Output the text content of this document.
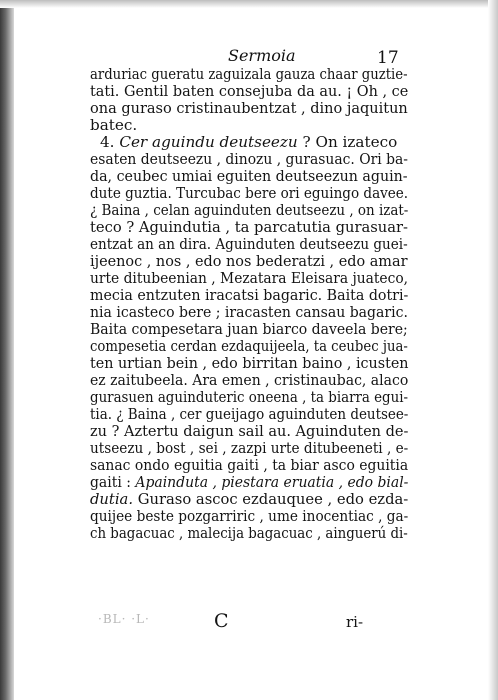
Sermoia	17
arduriac gueratu zaguizala gauza chaar guztie-
tati. Gentil baten consejuba da au. ¡ Oh , ce
ona guraso cristinaubentzat , dino jaquitun
batec.
4. Cer aguindu deutseezu ? On izateco
esaten deutseezu , dinozu , gurasuac. Ori ba-
da, ceubec umiai eguiten deutseezun aguin-
dute guztia. Turcubac bere ori eguingo davee.
¿ Baina , celan aguinduten deutseezu , on izat-
teco ? Aguindutia , ta parcatutia gurasuar-
entzat an an dira. Aguinduten deutseezu guei-
ijeenoc , nos , edo nos bederatzi , edo amar
urte ditubeenian , Mezatara Eleisara juateco,
mecia entzuten iracatsi bagaric. Baita dotri-
nia icasteco bere ; iracasten cansau bagaric.
Baita compesetara juan biarco daveela bere;
compesetia cerdan ezdaquijeela, ta ceubec jua-
ten urtian bein , edo birritan baino , icusten
ez zaitubeela. Ara emen , cristinaubac, alaco
gurasuen aguinduteric oneena , ta biarra egui-
tia. ¿ Baina , cer gueijago aguinduten deutsee-
zu ? Aztertu daigun sail au. Aguinduten de-
utseezu , bost , sei , zazpi urte ditubeeneti , e-
sanac ondo eguitia gaiti , ta biar asco eguitia
gaiti : Apainduta , piestara eruatia , edo bial-
dutia. Guraso ascoc ezdauquee , edo ezda-
quijee beste pozgarriric , ume inocentiac , ga-
ch bagacuac , malecija bagacuac , ainguerú di-
·BL· ·L·	C	ri-
